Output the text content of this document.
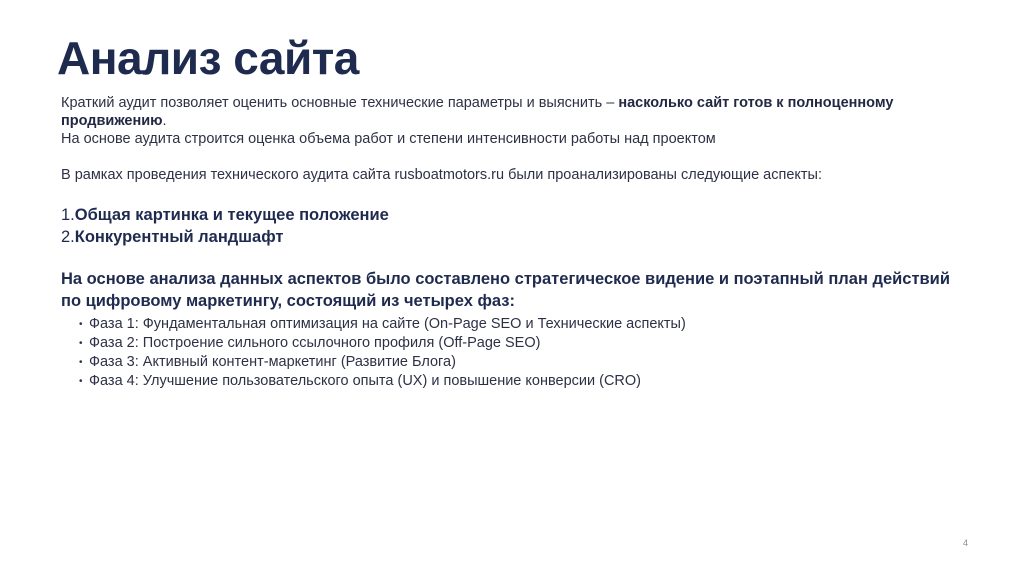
Анализ сайта

Краткий аудит позволяет оценить основные технические параметры и выяснить – насколько сайт готов к полноценному продвижению.

На основе аудита строится оценка объема работ и степени интенсивности работы над проектом

В рамках проведения технического аудита сайта rusboatmotors.ru были проанализированы следующие аспекты:

1.Общая картинка и текущее положение
2.Конкурентный ландшафт

На основе анализа данных аспектов было составлено стратегическое видение и поэтапный план действий по цифровому маркетингу, состоящий из четырех фаз:

• Фаза 1: Фундаментальная оптимизация на сайте (On-Page SEO и Технические аспекты)
• Фаза 2: Построение сильного ссылочного профиля (Off-Page SEO)
• Фаза 3: Активный контент-маркетинг (Развитие Блога)
• Фаза 4: Улучшение пользовательского опыта (UX) и повышение конверсии (CRO)
4
